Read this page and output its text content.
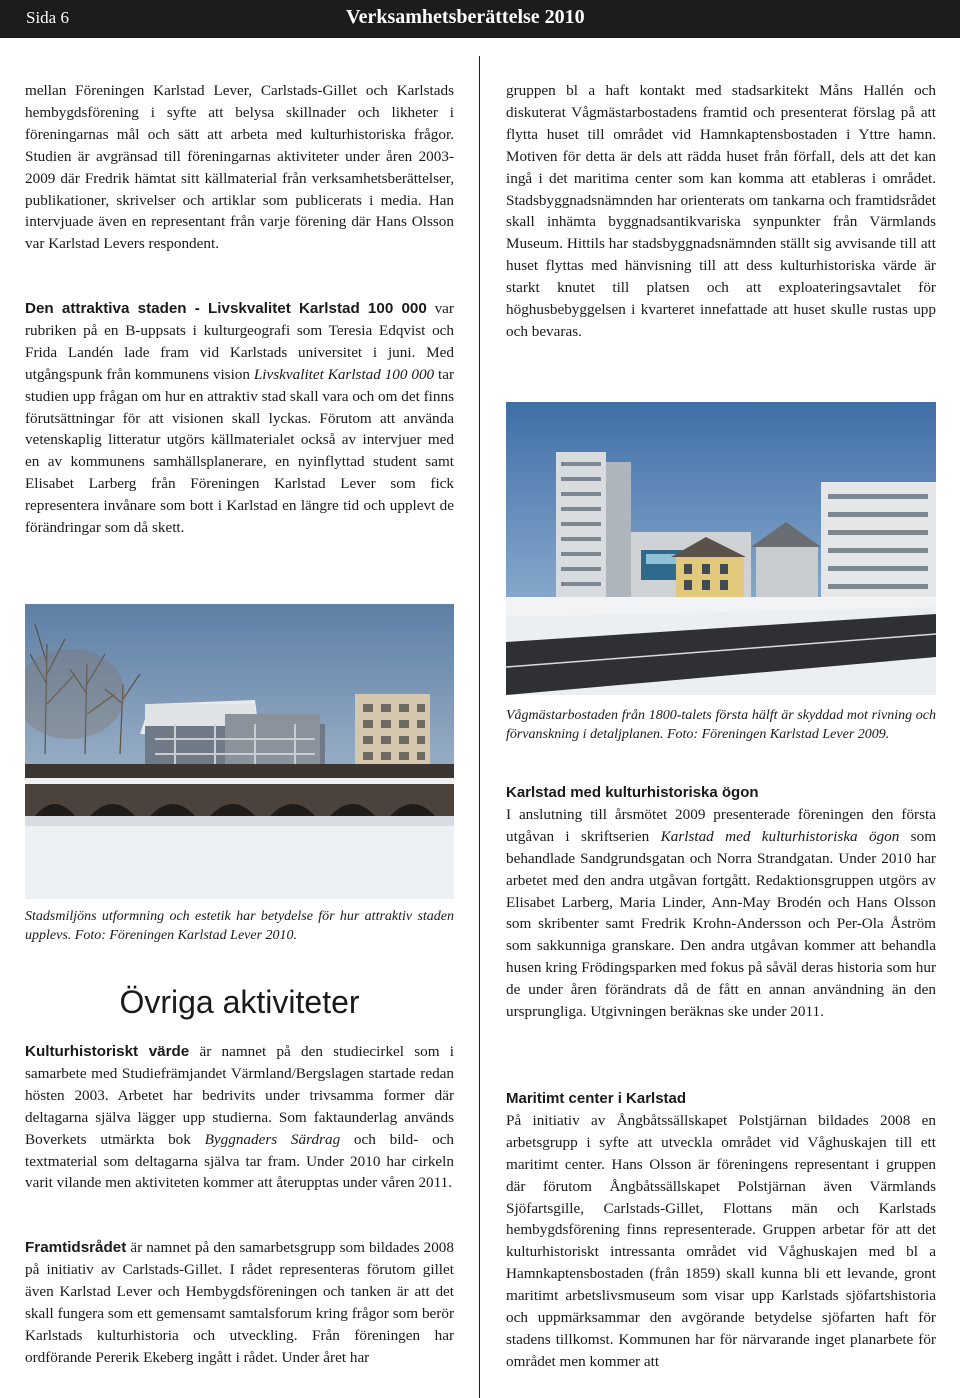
Sida 6	Verksamhetsberättelse 2010

mellan Föreningen Karlstad Lever, Carlstads-Gillet och Karlstads hembygdsförening i syfte att belysa skillnader och likheter i föreningarnas mål och sätt att arbeta med kulturhistoriska frågor. Studien är avgränsad till föreningarnas aktiviteter under åren 2003-2009 där Fredrik hämtat sitt källmaterial från verksamhetsberättelser, publikationer, skrivelser och artiklar som publicerats i media. Han intervjuade även en representant från varje förening där Hans Olsson var Karlstad Levers respondent.

Den attraktiva staden - Livskvalitet Karlstad 100 000 var rubriken på en B-uppsats i kulturgeografi som Teresia Edqvist och Frida Landén lade fram vid Karlstads universitet i juni. Med utgångspunk från kommunens vision Livskvalitet Karlstad 100 000 tar studien upp frågan om hur en attraktiv stad skall vara och om det finns förutsättningar för att visionen skall lyckas. Förutom att använda vetenskaplig litteratur utgörs källmaterialet också av intervjuer med en av kommunens samhällsplanerare, en nyinflyttad student samt Elisabet Larberg från Föreningen Karlstad Lever som fick representera invånare som bott i Karlstad en längre tid och upplevt de förändringar som då skett.

Stadsmiljöns utformning och estetik har betydelse för hur attraktiv staden upplevs. Foto: Föreningen Karlstad Lever 2010.

Övriga aktiviteter

Kulturhistoriskt värde är namnet på den studiecirkel som i samarbete med Studiefrämjandet Värmland/Bergslagen startade redan hösten 2003. Arbetet har bedrivits under trivsamma former där deltagarna själva lägger upp studierna. Som faktaunderlag används Boverkets utmärkta bok Byggnaders Särdrag och bild- och textmaterial som deltagarna själva tar fram. Under 2010 har cirkeln varit vilande men aktiviteten kommer att återupptas under våren 2011.

Framtidsrådet är namnet på den samarbetsgrupp som bildades 2008 på initiativ av Carlstads-Gillet. I rådet representeras förutom gillet även Karlstad Lever och Hembygdsföreningen och tanken är att det skall fungera som ett gemensamt samtalsforum kring frågor som berör Karlstads kulturhistoria och utveckling. Från föreningen har ordförande Pererik Ekeberg ingått i rådet. Under året har

gruppen bl a haft kontakt med stadsarkitekt Måns Hallén och diskuterat Vågmästarbostadens framtid och presenterat förslag på att flytta huset till området vid Hamnkaptensbostaden i Yttre hamn. Motiven för detta är dels att rädda huset från förfall, dels att det kan ingå i det maritima center som kan komma att etableras i området. Stadsbyggnadsnämnden har orienterats om tankarna och framtidsrådet skall inhämta byggnadsantikvariska synpunkter från Värmlands Museum. Hittils har stadsbyggnadsnämnden ställt sig avvisande till att huset flyttas med hänvisning till att dess kulturhistoriska värde är starkt knutet till platsen och att exploateringsavtalet för höghusbebyggelsen i kvarteret innefattade att huset skulle rustas upp och bevaras.

Vågmästarbostaden från 1800-talets första hälft är skyddad mot rivning och förvanskning i detaljplanen. Foto: Föreningen Karlstad Lever 2009.

Karlstad med kulturhistoriska ögon

I anslutning till årsmötet 2009 presenterade föreningen den första utgåvan i skriftserien Karlstad med kulturhistoriska ögon som behandlade Sandgrundsgatan och Norra Strandgatan. Under 2010 har arbetet med den andra utgåvan fortgått. Redaktionsgruppen utgörs av Elisabet Larberg, Maria Linder, Ann-May Brodén och Hans Olsson som skribenter samt Fredrik Krohn-Andersson och Per-Ola Åström som sakkunniga granskare. Den andra utgåvan kommer att behandla husen kring Frödingsparken med fokus på såväl deras historia som hur de under åren förändrats då de fått en annan användning än den ursprungliga. Utgivningen beräknas ske under 2011.

Maritimt center i Karlstad

På initiativ av Ångbåtssällskapet Polstjärnan bildades 2008 en arbetsgrupp i syfte att utveckla området vid Våghuskajen till ett maritimt center. Hans Olsson är föreningens representant i gruppen där förutom Ångbåtssällskapet Polstjärnan även Värmlands Sjöfartsgille, Carlstads-Gillet, Flottans män och Karlstads hembygdsförening finns representerade. Gruppen arbetar för att det kulturhistoriskt intressanta området vid Våghuskajen med bl a Hamnkaptensbostaden (från 1859) skall kunna bli ett levande, gront maritimt arbetslivsmuseum som visar upp Karlstads sjöfartshistoria och uppmärksammar den avgörande betydelse sjöfarten haft för stadens tillkomst. Kommunen har för närvarande inget planarbete för området men kommer att
